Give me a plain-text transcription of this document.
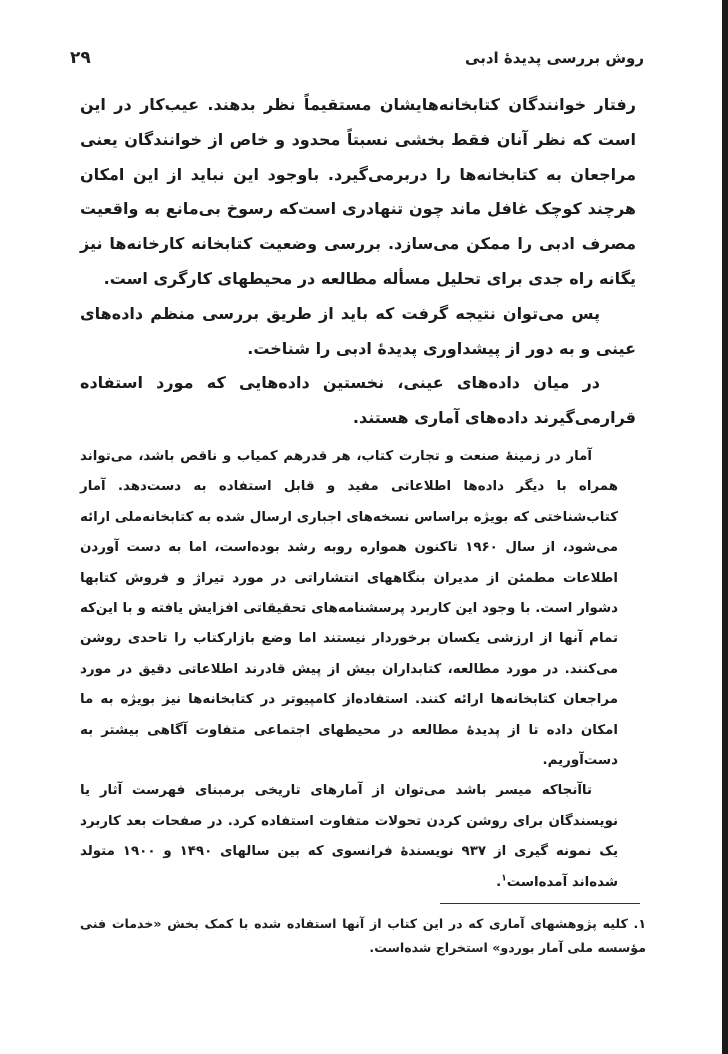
روش بررسی پدیدهٔ ادبی
۲۹

رفتار خوانندگان کتابخانه‌هایشان مستقیماً نظر بدهند. عیب‌کار در این است که نظر آنان فقط بخشی نسبتاً محدود و خاص از خوانندگان یعنی مراجعان به کتابخانه‌ها را دربرمی‌گیرد. باوجود این نباید از این امکان هرچند کوچک غافل ماند چون تنهادری است‌که رسوخ بی‌مانع به واقعیت مصرف ادبی را ممکن می‌سازد. بررسی وضعیت کتابخانه کارخانه‌ها نیز یگانه راه جدی برای تحلیل مسأله مطالعه در محیطهای کارگری است.

پس می‌توان نتیجه گرفت که باید از طریق بررسی منظم داده‌های عینی و به دور از پیشداوری پدیدهٔ ادبی را شناخت.

در میان داده‌های عینی، نخستین داده‌هایی که مورد استفاده قرارمی‌گیرند داده‌های آماری هستند.

آمار در زمینهٔ صنعت و تجارت کتاب، هر قدرهم کمیاب و ناقص باشد، می‌تواند همراه با دیگر داده‌ها اطلاعاتی مفید و قابل استفاده به دست‌دهد. آمار کتاب‌شناختی که بویژه براساس نسخه‌های اجباری ارسال شده به کتابخانه‌ملی ارائه می‌شود، از سال ۱۹۶۰ تاکنون همواره روبه رشد بوده‌است، اما به دست آوردن اطلاعات مطمئن از مدیران بنگاههای انتشاراتی در مورد تیراژ و فروش کتابها دشوار است. با وجود این کاربرد پرسشنامه‌های تحقیقاتی افزایش یافته و با این‌که تمام آنها از ارزشی یکسان برخوردار نیستند اما وضع بازارکتاب را تاحدی روشن می‌کنند. در مورد مطالعه، کتابداران بیش از پیش قادرند اطلاعاتی دقیق در مورد مراجعان کتابخانه‌ها ارائه کنند. استفاده‌از کامپیوتر در کتابخانه‌ها نیز بویژه به ما امکان داده تا از پدیدهٔ مطالعه در محیطهای اجتماعی متفاوت آگاهی بیشتر به دست‌آوریم.

تاآنجاکه میسر باشد می‌توان از آمارهای تاریخی برمبنای فهرست آثار یا نویسندگان برای روشن کردن تحولات متفاوت استفاده کرد. در صفحات بعد کاربرد یک نمونه گیری از ۹۳۷ نویسندهٔ فرانسوی که بین سالهای ۱۴۹۰ و ۱۹۰۰ متولد شده‌اند آمده‌است$^۱$.

۱. کلیه پژوهشهای آماری که در این کتاب از آنها استفاده شده با کمک بخش «خدمات فنی مؤسسه ملی آمار بوردو» استخراج شده‌است.
